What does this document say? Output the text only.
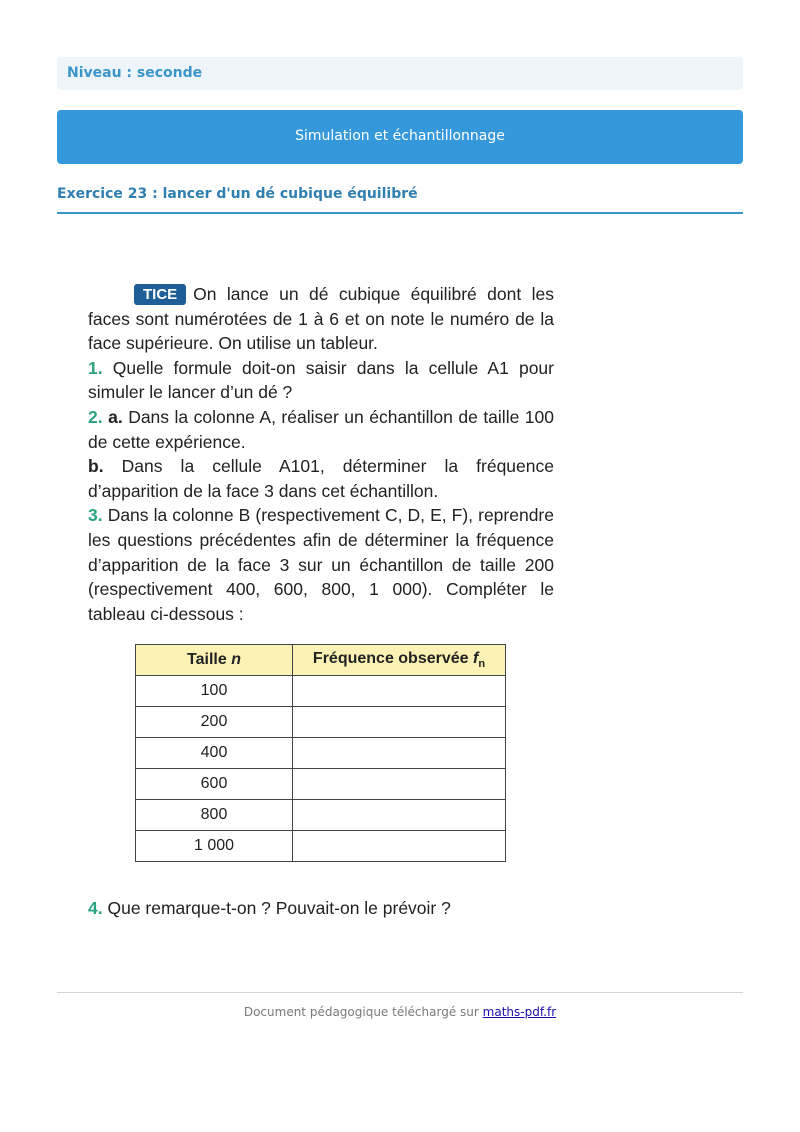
Niveau : seconde
Simulation et échantillonnage
Exercice 23 : lancer d'un dé cubique équilibré

TICE On lance un dé cubique équilibré dont les faces sont numérotées de 1 à 6 et on note le numéro de la face supérieure. On utilise un tableur.

1. Quelle formule doit-on saisir dans la cellule A1 pour simuler le lancer d’un dé ?

2. a. Dans la colonne A, réaliser un échantillon de taille 100 de cette expérience.

b. Dans la cellule A101, déterminer la fréquence d’apparition de la face 3 dans cet échantillon.

3. Dans la colonne B (respectivement C, D, E, F), reprendre les questions précédentes afin de déterminer la fréquence d’apparition de la face 3 sur un échantillon de taille 200 (respectivement 400, 600, 800, 1 000). Compléter le tableau ci-dessous :

Taille n	Fréquence observée $f_n$
100	
200	
400	
600	
800	
1 000	
4. Que remarque-t-on ? Pouvait-on le prévoir ?
Document pédagogique téléchargé sur maths-pdf.fr
